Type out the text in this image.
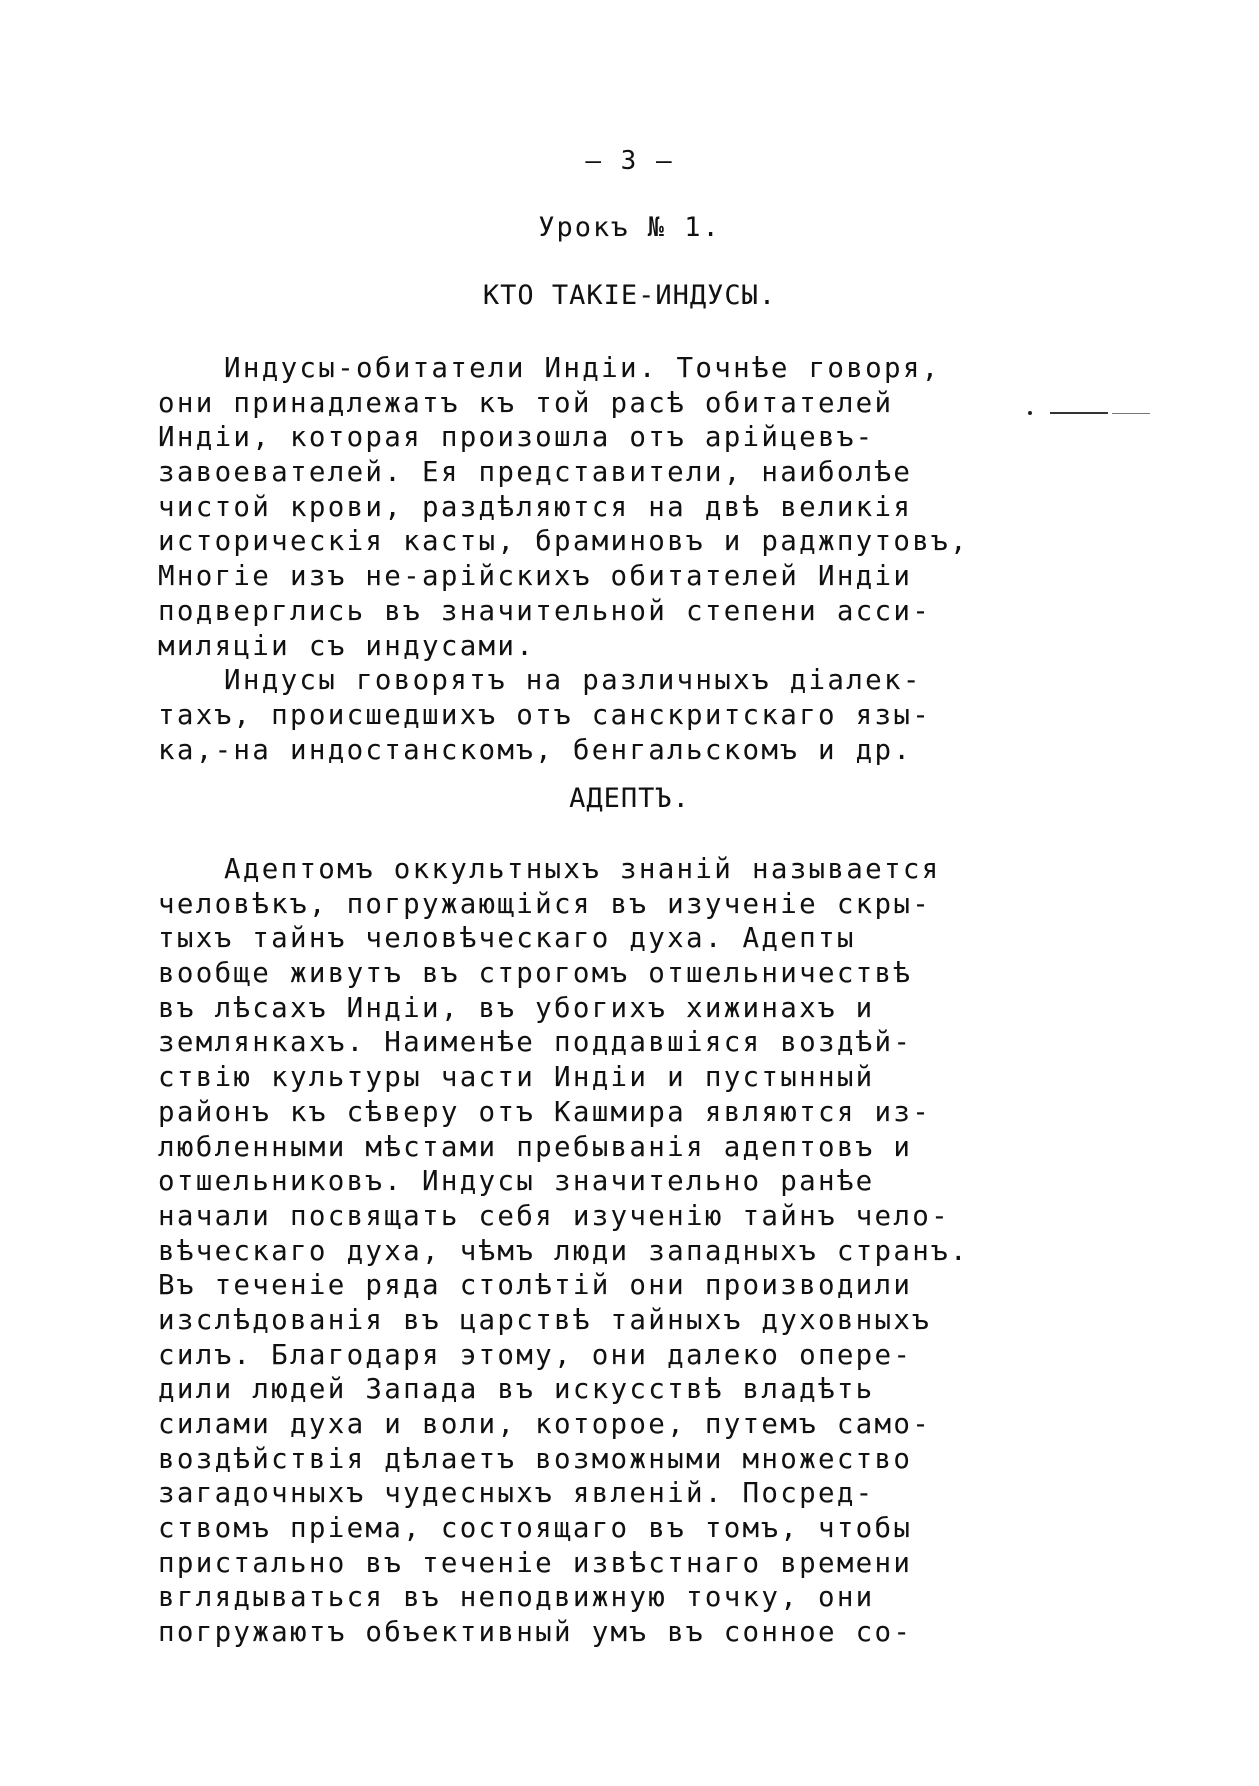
— 3 —
Урокъ № 1.
КТО ТАКІЕ-ИНДУСЫ.
Индусы-обитатели Индіи. Точнѣе говоря,
они принадлежатъ къ той расѣ обитателей
Индіи, которая произошла отъ арійцевъ-
завоевателей. Ея представители, наиболѣе
чистой крови, раздѣляются на двѣ великія
историческія касты, браминовъ и раджпутовъ,
Многіе изъ не-арійскихъ обитателей Индіи
подверглись въ значительной степени асси-
миляціи съ индусами.
Индусы говорятъ на различныхъ діалек-
тахъ, происшедшихъ отъ санскритскаго язы-
ка,-на индостанскомъ, бенгальскомъ и др.
АДЕПТЪ.
Адептомъ оккультныхъ знаній называется
человѣкъ, погружающійся въ изученіе скры-
тыхъ тайнъ человѣческаго духа. Адепты
вообще живутъ въ строгомъ отшельничествѣ
въ лѣсахъ Индіи, въ убогихъ хижинахъ и
землянкахъ. Наименѣе поддавшіяся воздѣй-
ствію культуры части Индіи и пустынный
районъ къ сѣверу отъ Кашмира являются из-
любленными мѣстами пребыванія адептовъ и
отшельниковъ. Индусы значительно ранѣе
начали посвящать себя изученію тайнъ чело-
вѣческаго духа, чѣмъ люди западныхъ странъ.
Въ теченіе ряда столѣтій они производили
изслѣдованія въ царствѣ тайныхъ духовныхъ
силъ. Благодаря этому, они далеко опере-
дили людей Запада въ искусствѣ владѣть
силами духа и воли, которое, путемъ само-
воздѣйствія дѣлаетъ возможными множество
загадочныхъ чудесныхъ явленій. Посред-
ствомъ пріема, состоящаго въ томъ, чтобы
пристально въ теченіе извѣстнаго времени
вглядываться въ неподвижную точку, они
погружаютъ объективный умъ въ сонное со-
